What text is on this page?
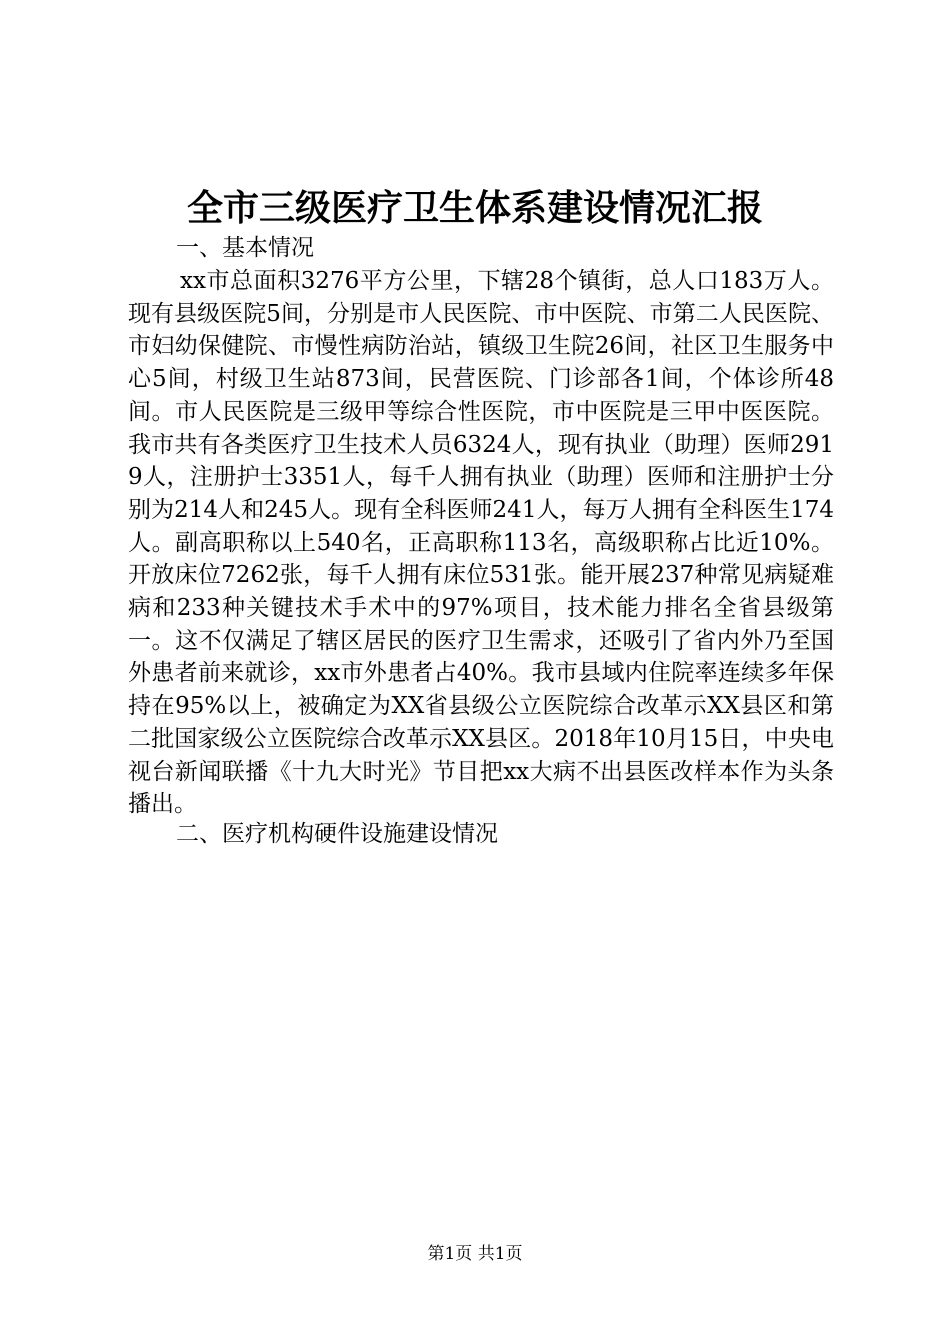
全市三级医疗卫生体系建设情况汇报

一、基本情况

xx市总面积3276平方公里，下辖28个镇街，总人口183万人。现有县级医院5间，分别是市人民医院、市中医院、市第二人民医院、市妇幼保健院、市慢性病防治站，镇级卫生院26间，社区卫生服务中心5间，村级卫生站873间，民营医院、门诊部各1间，个体诊所48间。市人民医院是三级甲等综合性医院，市中医院是三甲中医医院。我市共有各类医疗卫生技术人员6324人，现有执业（助理）医师2919人，注册护士3351人，每千人拥有执业（助理）医师和注册护士分别为214人和245人。现有全科医师241人，每万人拥有全科医生174人。副高职称以上540名，正高职称113名，高级职称占比近10%。开放床位7262张，每千人拥有床位531张。能开展237种常见病疑难病和233种关键技术手术中的97%项目，技术能力排名全省县级第一。这不仅满足了辖区居民的医疗卫生需求，还吸引了省内外乃至国外患者前来就诊，xx市外患者占40%。我市县域内住院率连续多年保持在95%以上，被确定为XX省县级公立医院综合改革示XX县区和第二批国家级公立医院综合改革示XX县区。2018年10月15日，中央电视台新闻联播《十九大时光》节目把xx大病不出县医改样本作为头条播出。

二、医疗机构硬件设施建设情况

第1页 共1页
